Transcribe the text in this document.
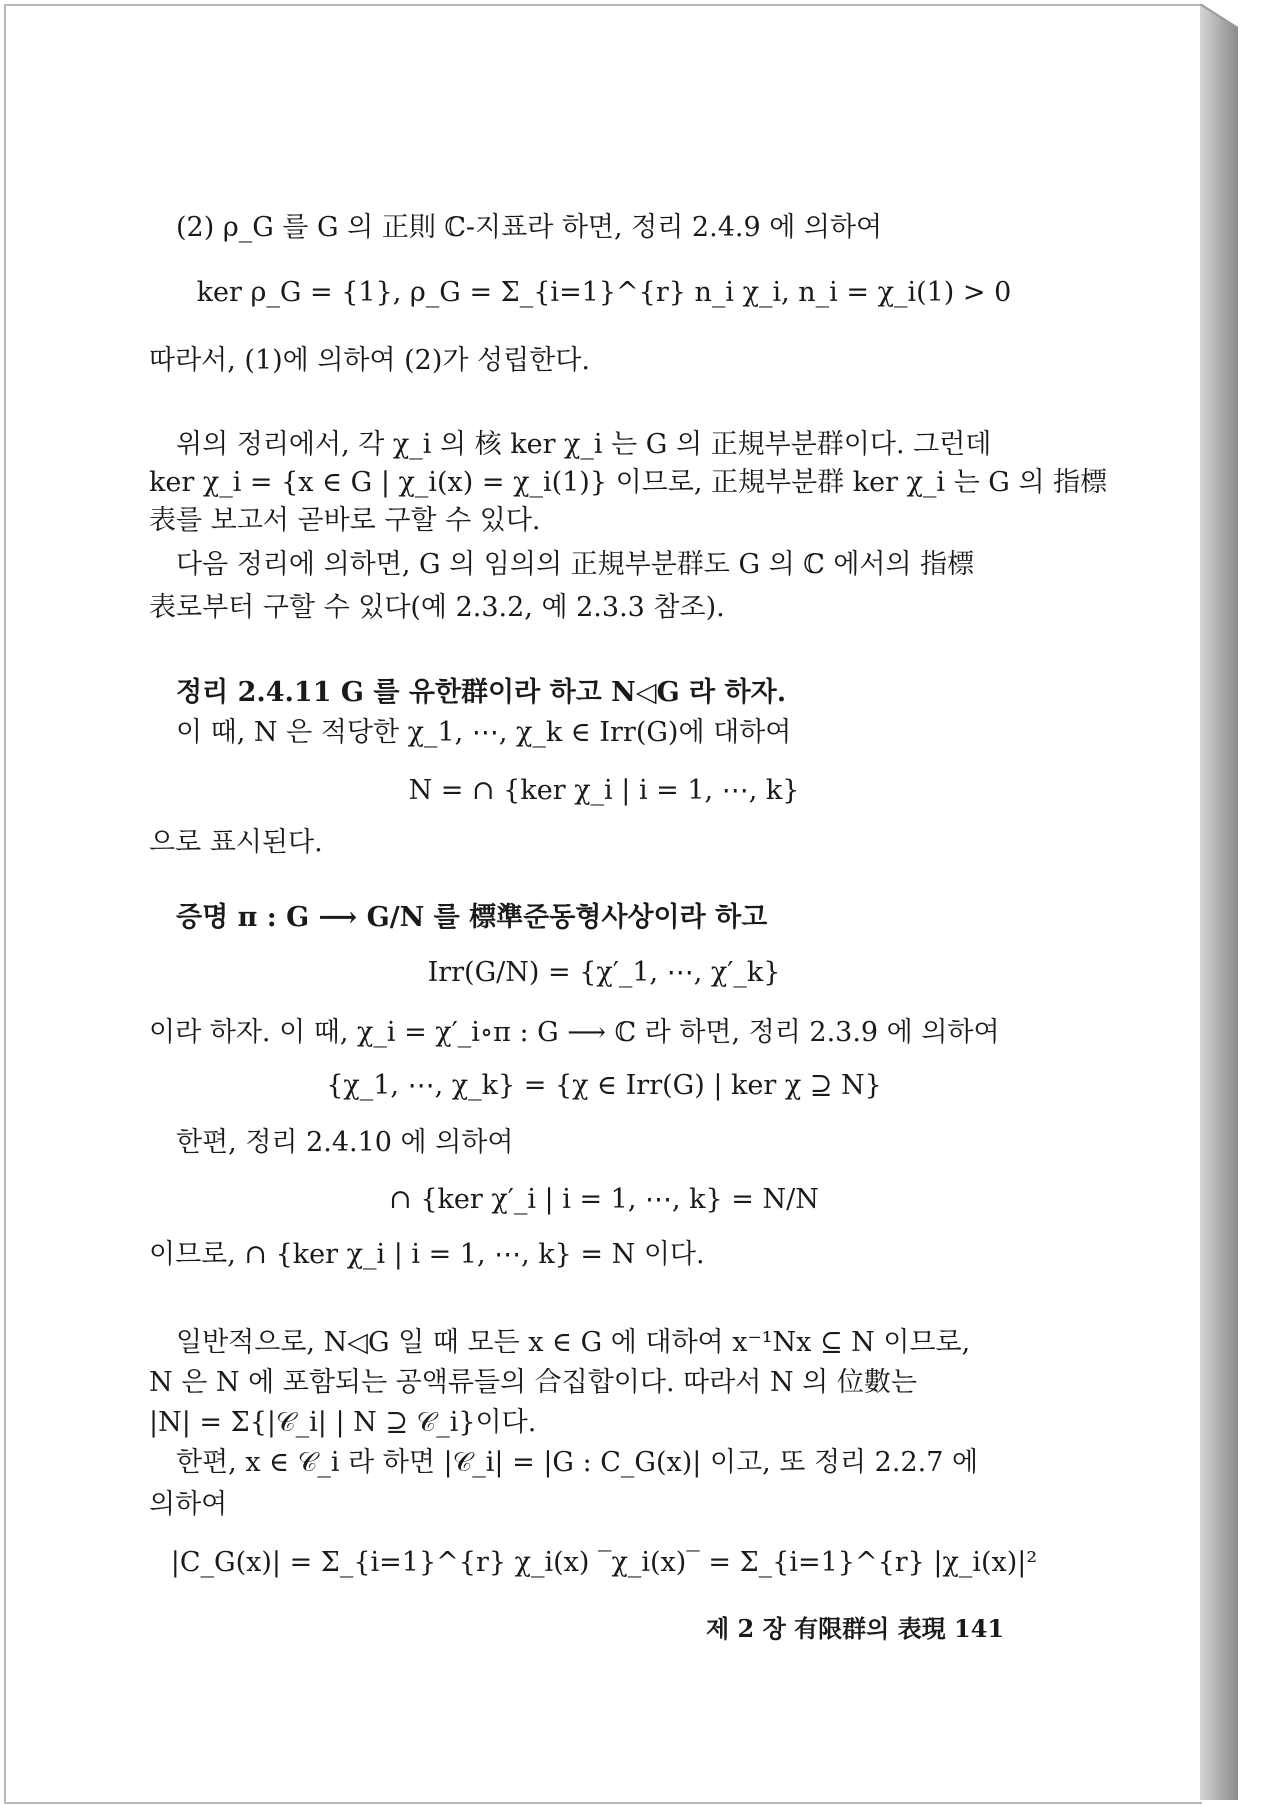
(2) ρ_G 를 G 의 正則 ℂ-지표라 하면, 정리 2.4.9 에 의하여
ker ρ_G = {1}, ρ_G = Σ_{i=1}^{r} n_i χ_i, n_i = χ_i(1) > 0
따라서, (1)에 의하여 (2)가 성립한다.
위의 정리에서, 각 χ_i 의 核 ker χ_i 는 G 의 正規부분群이다. 그런데
ker χ_i = {x ∈ G | χ_i(x) = χ_i(1)} 이므로, 正規부분群 ker χ_i 는 G 의 指標
表를 보고서 곧바로 구할 수 있다.
다음 정리에 의하면, G 의 임의의 正規부분群도 G 의 ℂ 에서의 指標
表로부터 구할 수 있다(예 2.3.2, 예 2.3.3 참조).
정리 2.4.11 G 를 유한群이라 하고 N◁G 라 하자.
이 때, N 은 적당한 χ_1, ⋯, χ_k ∈ Irr(G)에 대하여
N = ∩ {ker χ_i | i = 1, ⋯, k}
으로 표시된다.
증명 π : G ⟶ G/N 를 標準준동형사상이라 하고
Irr(G/N) = {χ′_1, ⋯, χ′_k}
이라 하자. 이 때, χ_i = χ′_i∘π : G ⟶ ℂ 라 하면, 정리 2.3.9 에 의하여
{χ_1, ⋯, χ_k} = {χ ∈ Irr(G) | ker χ ⊇ N}
한편, 정리 2.4.10 에 의하여
∩ {ker χ′_i | i = 1, ⋯, k} = N/N
이므로, ∩ {ker χ_i | i = 1, ⋯, k} = N 이다.
일반적으로, N◁G 일 때 모든 x ∈ G 에 대하여 x⁻¹Nx ⊆ N 이므로,
N 은 N 에 포함되는 공액류들의 合집합이다. 따라서 N 의 位數는
|N| = Σ{|𝒞_i| | N ⊇ 𝒞_i}이다.
한편, x ∈ 𝒞_i 라 하면 |𝒞_i| = |G : C_G(x)| 이고, 또 정리 2.2.7 에
의하여
|C_G(x)| = Σ_{i=1}^{r} χ_i(x) ‾χ_i(x)‾ = Σ_{i=1}^{r} |χ_i(x)|²
제 2 장 有限群의 表現 141
